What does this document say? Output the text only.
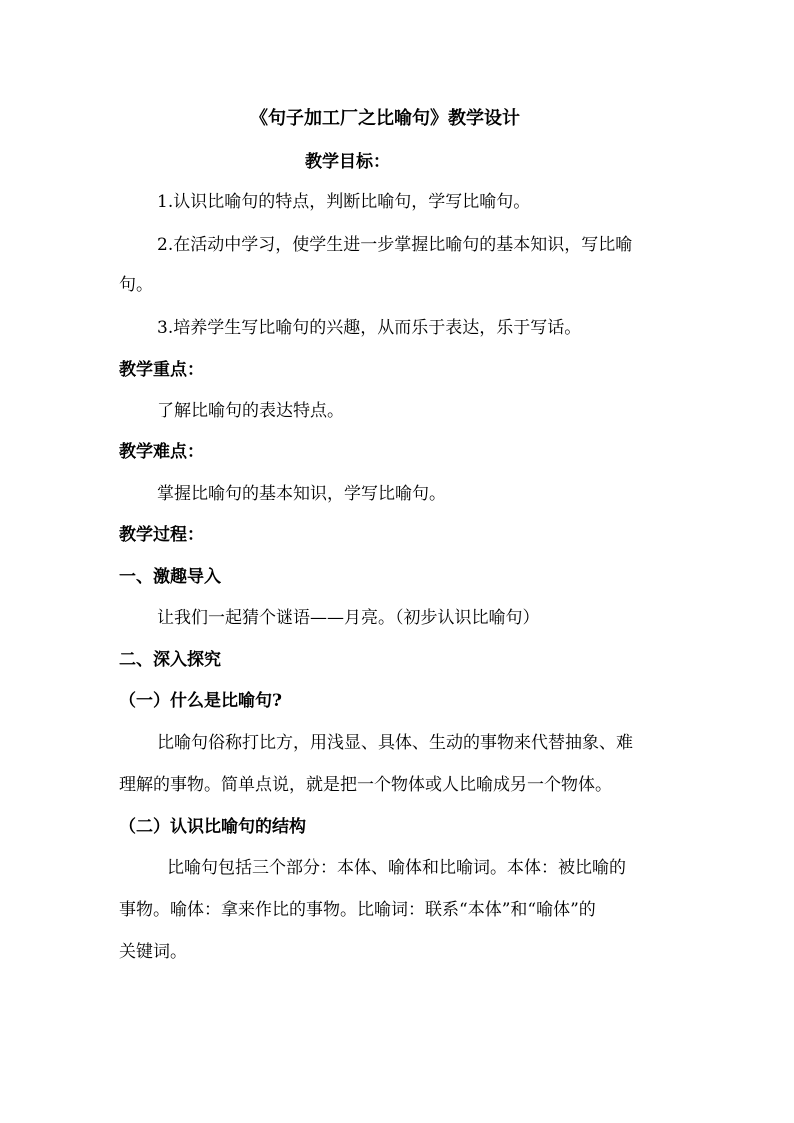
《句子加工厂之比喻句》教学设计
教学目标：
1.认识比喻句的特点，判断比喻句，学写比喻句。
2.在活动中学习，使学生进一步掌握比喻句的基本知识，写比喻
句。
3.培养学生写比喻句的兴趣，从而乐于表达，乐于写话。
教学重点：
了解比喻句的表达特点。
教学难点：
掌握比喻句的基本知识，学写比喻句。
教学过程：
一、激趣导入
让我们一起猜个谜语——月亮。（初步认识比喻句）
二、深入探究
（一）什么是比喻句?
比喻句俗称打比方，用浅显、具体、生动的事物来代替抽象、难
理解的事物。简单点说，就是把一个物体或人比喻成另一个物体。
（二）认识比喻句的结构
比喻句包括三个部分：本体、喻体和比喻词。本体：被比喻的
事物。喻体：拿来作比的事物。比喻词：联系“本体”和“喻体”的
关键词。
